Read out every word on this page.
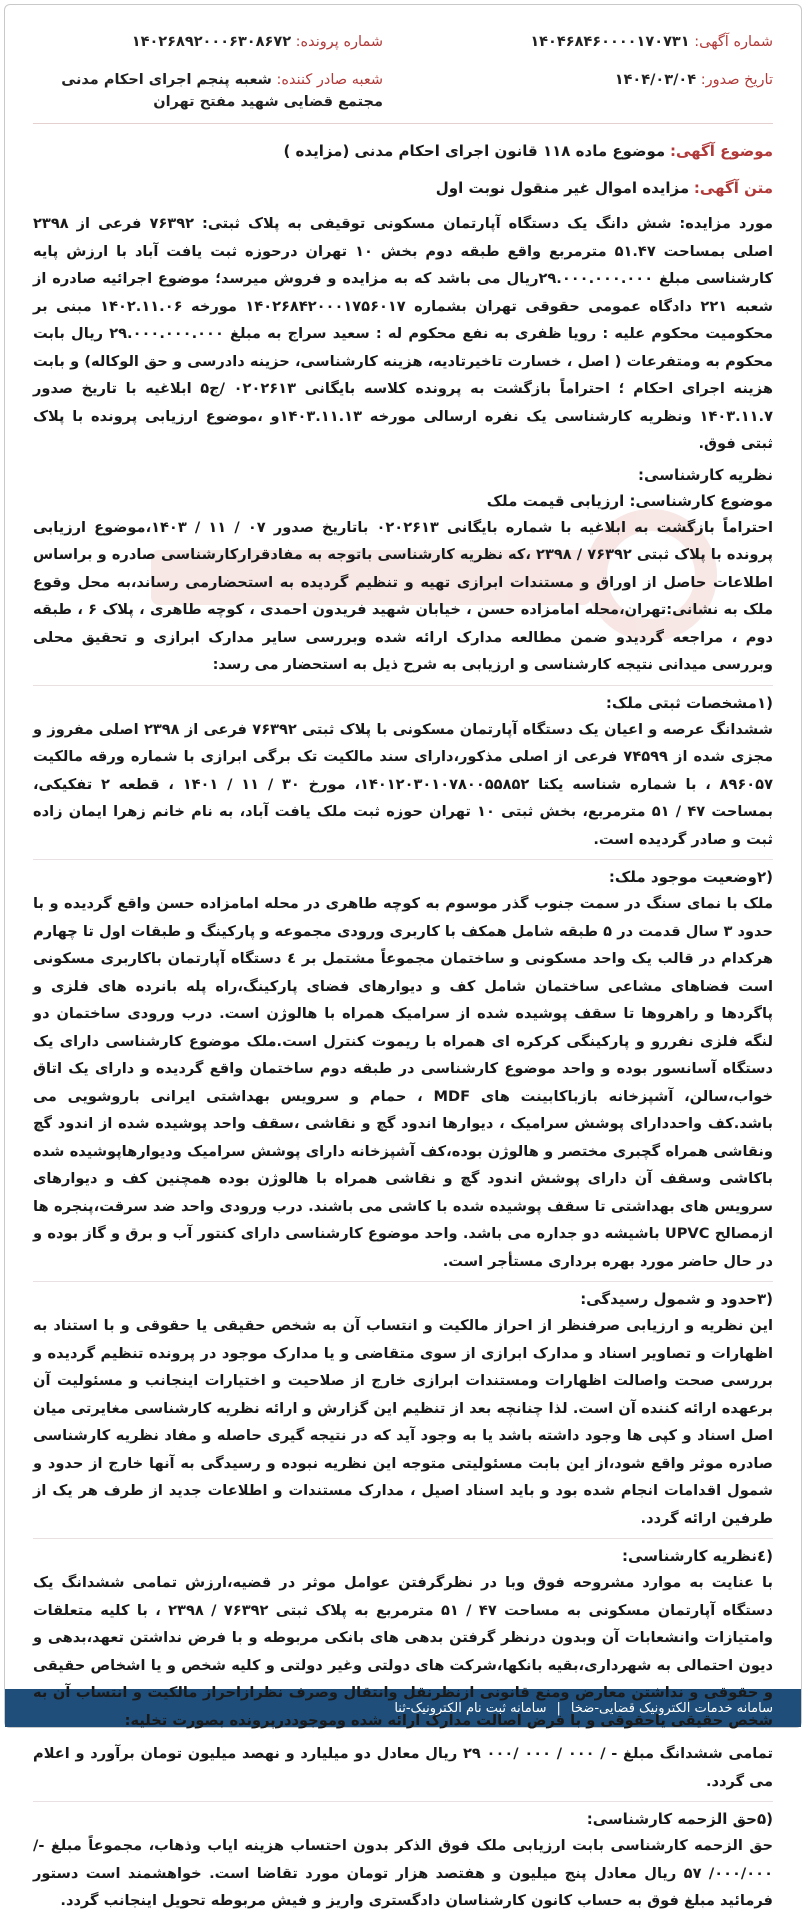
شماره آگهی: ۱۴۰۴۶۸۴۶۰۰۰۰۱۷۰۷۳۱
شماره پرونده: ۱۴۰۲۶۸۹۲۰۰۰۶۳۰۸۶۷۲
تاریخ صدور: ۱۴۰۴/۰۳/۰۴
شعبه صادر کننده: شعبه پنجم اجرای احکام مدنی مجتمع قضایی شهید مفتح تهران
موضوع آگهی: موضوع ماده ۱۱۸ قانون اجرای احکام مدنی (مزایده )
متن آگهی: مزایده اموال غیر منقول نوبت اول

مورد مزایده: شش دانگ یک دستگاه آپارتمان مسکونی توقیفی به پلاک ثبتی: ۷۶۳۹۲ فرعی از ۲۳۹۸ اصلی بمساحت ۵۱.۴۷ مترمربع واقع طبقه دوم بخش ۱۰ تهران درحوزه ثبت یافت آباد با ارزش پایه کارشناسی مبلغ ۲۹.۰۰۰.۰۰۰.۰۰۰ریال می باشد که به مزایده و فروش میرسد؛ موضوع اجرائیه صادره از شعبه ۲۲۱ دادگاه عمومی حقوقی تهران بشماره ۱۴۰۲۶۸۴۲۰۰۰۱۷۵۶۰۱۷ مورخه ۱۴۰۲.۱۱.۰۶ مبنی بر محکومیت محکوم علیه : رویا ظفری به نفع محکوم له : سعید سراج به مبلغ ۲۹.۰۰۰.۰۰۰.۰۰۰ ریال بابت محکوم به ومتفرعات ( اصل ، خسارت تاخیرتادیه، هزینه کارشناسی، حزینه دادرسی و حق الوکاله) و بابت هزینه اجرای احکام ؛ احتراماً بازگشت به پرونده کلاسه بایگانی ۰۲۰۲۶۱۳ /ج۵ ابلاغیه با تاریخ صدور ۱۴۰۳.۱۱.۷ ونظریه کارشناسی یک نفره ارسالی مورخه ۱۴۰۳.۱۱.۱۳و ،موضوع ارزیابی پرونده با پلاک ثبتی فوق.

نظریه کارشناسی:
موضوع کارشناسی: ارزیابی قیمت ملک

احتراماً بازگشت به ابلاغیه با شماره بایگانی ۰۲۰۲۶۱۳ باتاریخ صدور ۰۷ / ۱۱ / ۱۴۰۳،موضوع ارزیابی پرونده با پلاک ثبتی ۷۶۳۹۲ / ۲۳۹۸ ،که نظریه کارشناسی باتوجه به مفادقرارکارشناسی صادره و براساس اطلاعات حاصل از اوراق و مستندات ابرازی تهیه و تنظیم گردیده به استحضارمی رساند،به محل وقوع ملک به نشانی:تهران،محله امامزاده حسن ، خیابان شهید فریدون احمدی ، کوچه طاهری ، پلاک ۶ ، طبقه دوم ، مراجعه گردیدو ضمن مطالعه مدارک ارائه شده وبررسی سایر مدارک ابرازی و تحقیق محلی وبررسی میدانی نتیجه کارشناسی و ارزیابی به شرح ذیل به استحضار می رسد:

(۱مشخصات ثبتی ملک:

ششدانگ عرصه و اعیان یک دستگاه آپارتمان مسکونی با پلاک ثبتی ۷۶۳۹۲ فرعی از ۲۳۹۸ اصلی مفروز و مجزی شده از ۷۴۵۹۹ فرعی از اصلی مذکور،دارای سند مالکیت تک برگی ابرازی با شماره ورقه مالکیت ۸۹۶۰۵۷ ، با شماره شناسه یکتا ۱۴۰۱۲۰۳۰۱۰۷۸۰۰۵۵۸۵۲، مورخ ۳۰ / ۱۱ / ۱۴۰۱ ، قطعه ۲ تفکیکی، بمساحت ۴۷ / ۵۱ مترمربع، بخش ثبتی ۱۰ تهران حوزه ثبت ملک یافت آباد، به نام خانم زهرا ایمان زاده ثبت و صادر گردیده است.

(۲وضعیت موجود ملک:

ملک با نمای سنگ در سمت جنوب گذر موسوم به کوچه طاهری در محله امامزاده حسن واقع گردیده و با حدود ۳ سال قدمت در ۵ طبقه شامل همکف با کاربری ورودی مجموعه و پارکینگ و طبقات اول تا چهارم هرکدام در قالب یک واحد مسکونی و ساختمان مجموعاً مشتمل بر ٤ دستگاه آپارتمان باکاربری مسکونی است فضاهای مشاعی ساختمان شامل کف و دیوارهای فضای پارکینگ،راه پله بانرده های فلزی و پاگردها و راهروها تا سقف پوشیده شده از سرامیک همراه با هالوژن است. درب ورودی ساختمان دو لنگه فلزی نفررو و پارکینگی کرکره ای همراه با ریموت کنترل است.ملک موضوع کارشناسی دارای یک دستگاه آسانسور بوده و واحد موضوع کارشناسی در طبقه دوم ساختمان واقع گردیده و دارای یک اتاق خواب،سالن، آشپزخانه بازباکابینت های MDF ، حمام و سرویس بهداشتی ایرانی باروشویی می باشد.کف واحددارای پوشش سرامیک ، دیوارها اندود گچ و نقاشی ،سقف واحد پوشیده شده از اندود گچ ونقاشی همراه گچبری مختصر و هالوژن بوده،کف آشپزخانه دارای پوشش سرامیک ودیوارهاپوشیده شده باکاشی وسقف آن دارای پوشش اندود گچ و نقاشی همراه با هالوژن بوده همچنین کف و دیوارهای سرویس های بهداشتی تا سقف پوشیده شده با کاشی می باشند. درب ورودی واحد ضد سرقت،پنجره ها ازمصالح UPVC باشیشه دو جداره می باشد. واحد موضوع کارشناسی دارای کنتور آب و برق و گاز بوده و در حال حاضر مورد بهره برداری مستأجر است.

(۳حدود و شمول رسیدگی:

این نظریه و ارزیابی صرفنظر از احراز مالکیت و انتساب آن به شخص حقیقی یا حقوقی و با استناد به اظهارات و تصاویر اسناد و مدارک ابرازی از سوی متقاضی و یا مدارک موجود در پرونده تنظیم گردیده و بررسی صحت واصالت اظهارات ومستندات ابرازی خارج از صلاحیت و اختیارات اینجانب و مسئولیت آن برعهده ارائه کننده آن است. لذا چنانچه بعد از تنظیم این گزارش و ارائه نظریه کارشناسی مغایرتی میان اصل اسناد و کپی ها وجود داشته باشد یا به وجود آید که در نتیجه گیری حاصله و مفاد نظریه کارشناسی صادره موثر واقع شود،از این بابت مسئولیتی متوجه این نظریه نبوده و رسیدگی به آنها خارج از حدود و شمول اقدامات انجام شده بود و باید اسناد اصیل ، مدارک مستندات و اطلاعات جدید از طرف هر یک از طرفین ارائه گردد.

(٤نظریه کارشناسی:

با عنایت به موارد مشروحه فوق وبا در نظرگرفتن عوامل موثر در قضیه،ارزش تمامی ششدانگ یک دستگاه آپارتمان مسکونی به مساحت ۴۷ / ۵۱ مترمربع به پلاک ثبتی ۷۶۳۹۲ / ۲۳۹۸ ، با کلیه متعلقات وامتیازات وانشعابات آن وبدون درنظر گرفتن بدهی های بانکی مربوطه و با فرض نداشتن تعهد،بدهی و دیون احتمالی به شهرداری،بقیه بانکها،شرکت های دولتی وغیر دولتی و کلیه شخص و یا اشخاص حقیقی و حقوقی و نداشتن معارض ومنع قانونی ازنظرنقل وانتقال وصرف نظرازاحراز مالکیت و انتساب آن به شخص حقیقی یاحقوقی و با فرض اصالت مدارک ارائه شده وموجوددرپرونده بصورت تخلیه:

تمامی ششدانگ مبلغ - / ۰۰۰ / ۰۰۰ /۰۰۰ ۲۹ ریال معادل دو میلیارد و نهصد میلیون تومان برآورد و اعلام می گردد.

(۵حق الزحمه کارشناسی:

حق الزحمه کارشناسی بابت ارزیابی ملک فوق الذکر بدون احتساب هزینه ایاب وذهاب، مجموعاً مبلغ -/۰۰۰/۰۰۰/ ۵۷ ریال معادل پنج میلیون و هفتصد هزار تومان مورد تقاضا است. خواهشمند است دستور فرمائید مبلغ فوق به حساب کانون کارشناسان دادگستری واریز و فیش مربوطه تحویل اینجانب گردد.

سامانه خدمات الکترونیک قضایی-ضخا
|
سامانه ثبت نام الکترونیک-ثنا
